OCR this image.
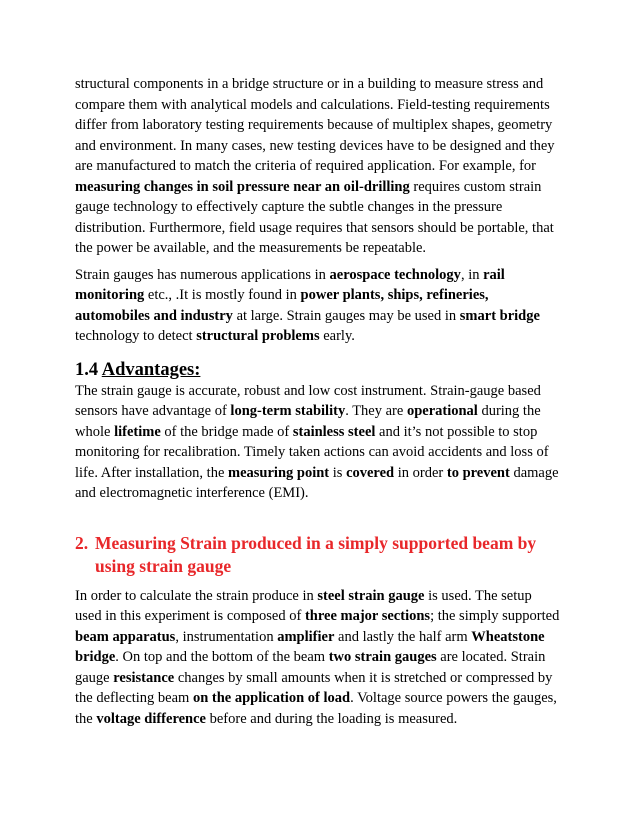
structural components in a bridge structure or in a building to measure stress and compare them with analytical models and calculations. Field-testing requirements differ from laboratory testing requirements because of multiplex shapes, geometry and environment. In many cases, new testing devices have to be designed and they are manufactured to match the criteria of required application. For example, for measuring changes in soil pressure near an oil-drilling requires custom strain gauge technology to effectively capture the subtle changes in the pressure distribution. Furthermore, field usage requires that sensors should be portable, that the power be available, and the measurements be repeatable.

Strain gauges has numerous applications in aerospace technology, in rail monitoring etc., .It is mostly found in power plants, ships, refineries, automobiles and industry at large. Strain gauges may be used in smart bridge technology to detect structural problems early.

1.4 Advantages:

The strain gauge is accurate, robust and low cost instrument. Strain-gauge based sensors have advantage of long-term stability. They are operational during the whole lifetime of the bridge made of stainless steel and it’s not possible to stop monitoring for recalibration. Timely taken actions can avoid accidents and loss of life. After installation, the measuring point is covered in order to prevent damage and electromagnetic interference (EMI).

2. Measuring Strain produced in a simply supported beam by using strain gauge

In order to calculate the strain produce in steel strain gauge is used. The setup used in this experiment is composed of three major sections; the simply supported beam apparatus, instrumentation amplifier and lastly the half arm Wheatstone bridge. On top and the bottom of the beam two strain gauges are located. Strain gauge resistance changes by small amounts when it is stretched or compressed by the deflecting beam on the application of load. Voltage source powers the gauges, the voltage difference before and during the loading is measured.
